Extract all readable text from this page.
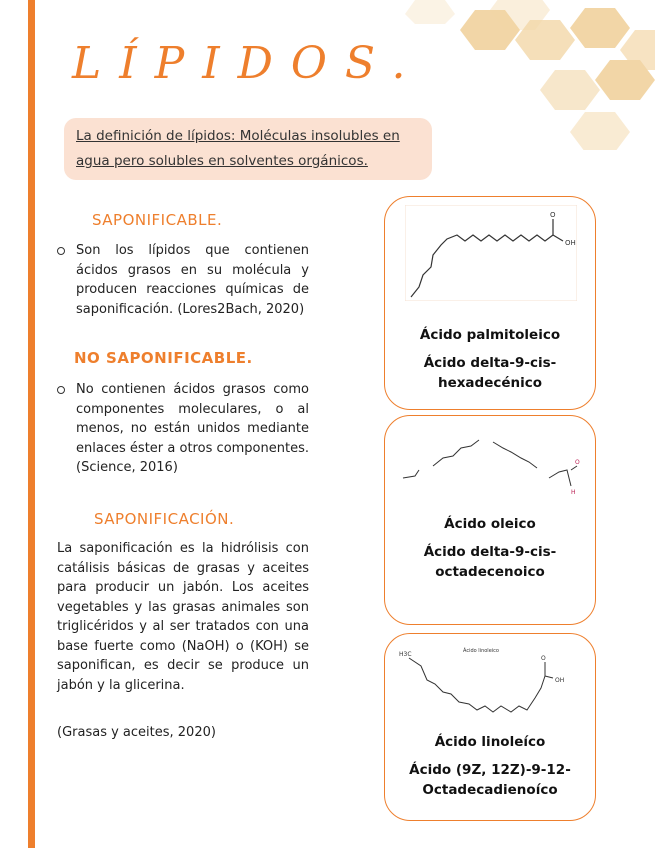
LÍPIDOS.
La definición de lípidos: Moléculas insolubles en agua pero solubles en solventes orgánicos.
SAPONIFICABLE.
Son los lípidos que contienen ácidos grasos en su molécula y producen reacciones químicas de saponificación. (Lores2Bach, 2020)
NO SAPONIFICABLE.
No contienen ácidos grasos como componentes moleculares, o al menos, no están unidos mediante enlaces éster a otros componentes. (Science, 2016)
SAPONIFICACIÓN.

La saponificación es la hidrólisis con catálisis básicas de grasas y aceites para producir un jabón. Los aceites vegetables y las grasas animales son triglicéridos y al ser tratados con una base fuerte como (NaOH) o (KOH) se saponifican, es decir se produce un jabón y la glicerina.

(Grasas y aceites, 2020)

O
OH
Ácido palmitoleico
Ácido delta-9-cis-hexadecénico
O
H
Ácido oleico
Ácido delta-9-cis-octadecenoico
H3C	Ácido linoleico
O
OH
Ácido linoleíco
Ácido (9Z, 12Z)-9-12-Octadecadienoíco
